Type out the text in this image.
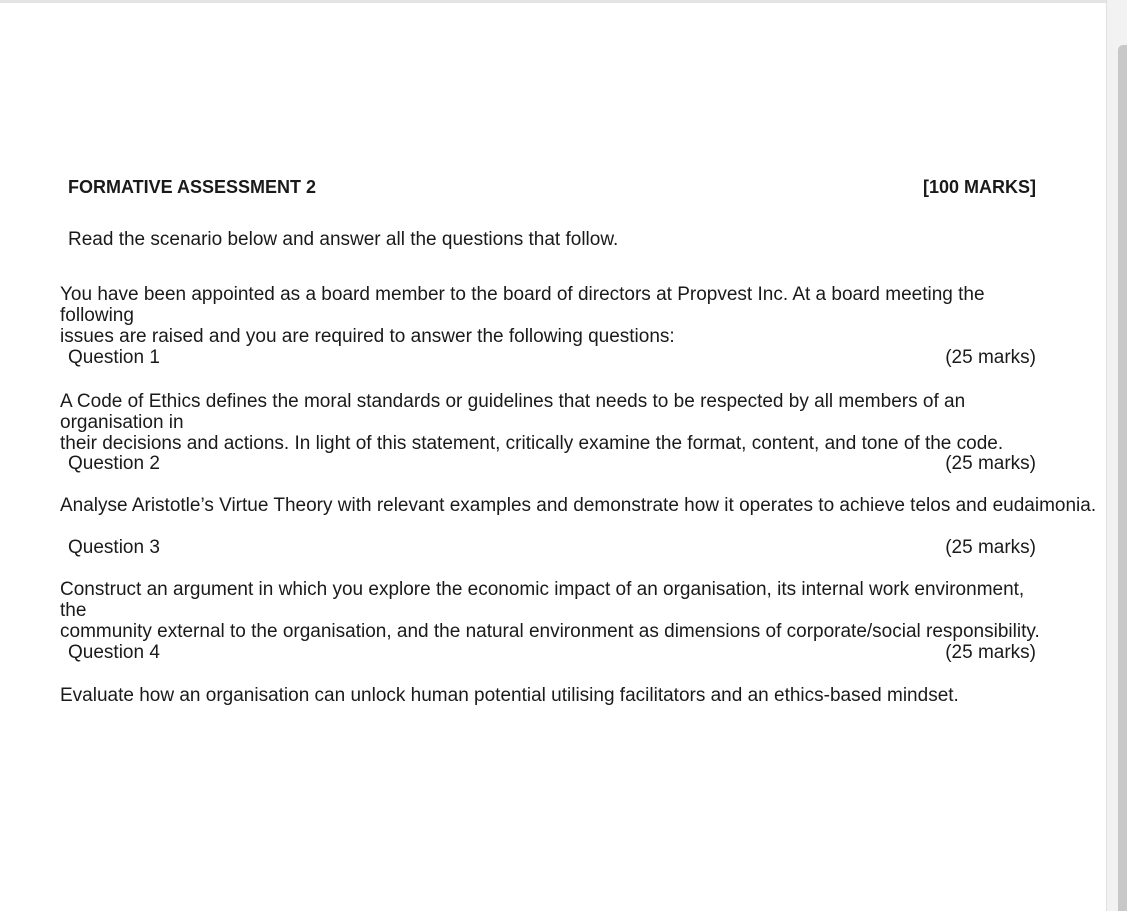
FORMATIVE ASSESSMENT 2	[100 MARKS]
Read the scenario below and answer all the questions that follow.
You have been appointed as a board member to the board of directors at Propvest Inc. At a board meeting the following
issues are raised and you are required to answer the following questions:
Question 1	(25 marks)
A Code of Ethics defines the moral standards or guidelines that needs to be respected by all members of an organisation in
their decisions and actions. In light of this statement, critically examine the format, content, and tone of the code.
Question 2	(25 marks)
Analyse Aristotle’s Virtue Theory with relevant examples and demonstrate how it operates to achieve telos and eudaimonia.
Question 3	(25 marks)
Construct an argument in which you explore the economic impact of an organisation, its internal work environment, the
community external to the organisation, and the natural environment as dimensions of corporate/social responsibility.
Question 4	(25 marks)
Evaluate how an organisation can unlock human potential utilising facilitators and an ethics-based mindset.
